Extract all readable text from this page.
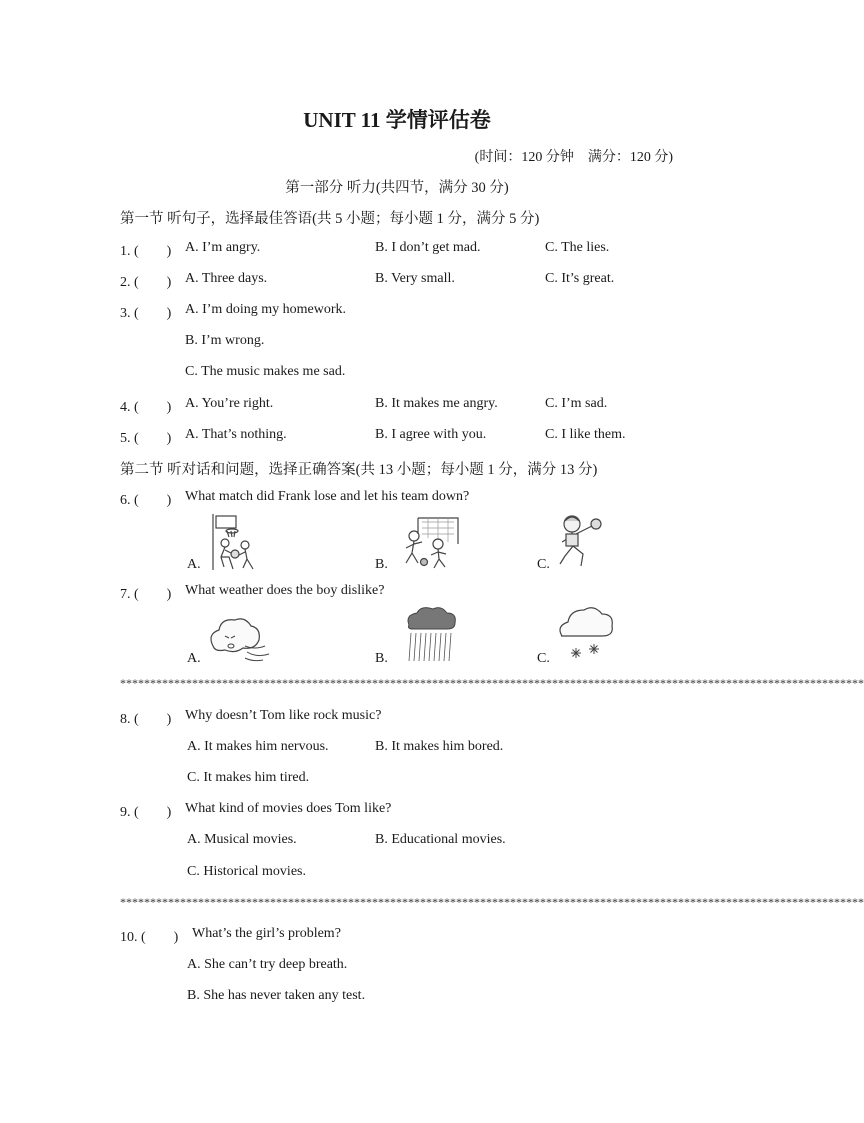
UNIT 11 学情评估卷
(时间：120 分钟　满分：120 分)
第一部分 听力(共四节，满分 30 分)
第一节 听句子，选择最佳答语(共 5 小题；每小题 1 分，满分 5 分)
1. (　　) A. I’m angry.	B. I don’t get mad.	C. The lies.
2. (　　) A. Three days.	B. Very small.	C. It’s great.
3. (　　) A. I’m doing my homework.
B. I’m wrong.
C. The music makes me sad.
4. (　　) A. You’re right.	B. It makes me angry.	C. I’m sad.
5. (　　) A. That’s nothing.	B. I agree with you.	C. I like them.
第二节 听对话和问题，选择正确答案(共 13 小题；每小题 1 分，满分 13 分)
6. (　　) What match did Frank lose and let his team down?
A.	B.	C.
7. (　　) What weather does the boy dislike?
A.	B.	C.
****************************************************************************************************************************
8. (　　) Why doesn’t Tom like rock music?
A. It makes him nervous.	B. It makes him bored.
C. It makes him tired.
9. (　　) What kind of movies does Tom like?
A. Musical movies.	B. Educational movies.
C. Historical movies.
****************************************************************************************************************************
10. (　　) What’s the girl’s problem?
A. She can’t try deep breath.
B. She has never taken any test.
